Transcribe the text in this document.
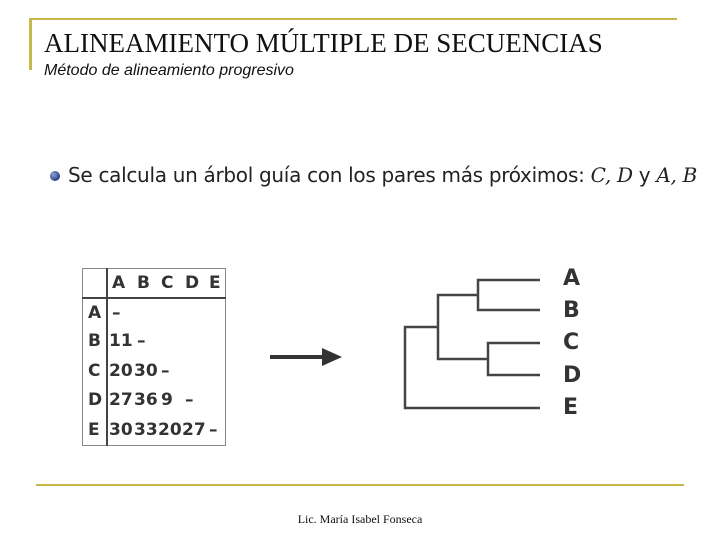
ALINEAMIENTO MÚLTIPLE DE SECUENCIAS
Método de alineamiento progresivo
Se calcula un árbol guía con los pares más próximos: C, D y A, B
A B C D E
A
B
C
D
E
–
11 –
20 30 –
27 36 9 –
30 33 20 27 –
A
B
C
D
E
Lic. María Isabel Fonseca
